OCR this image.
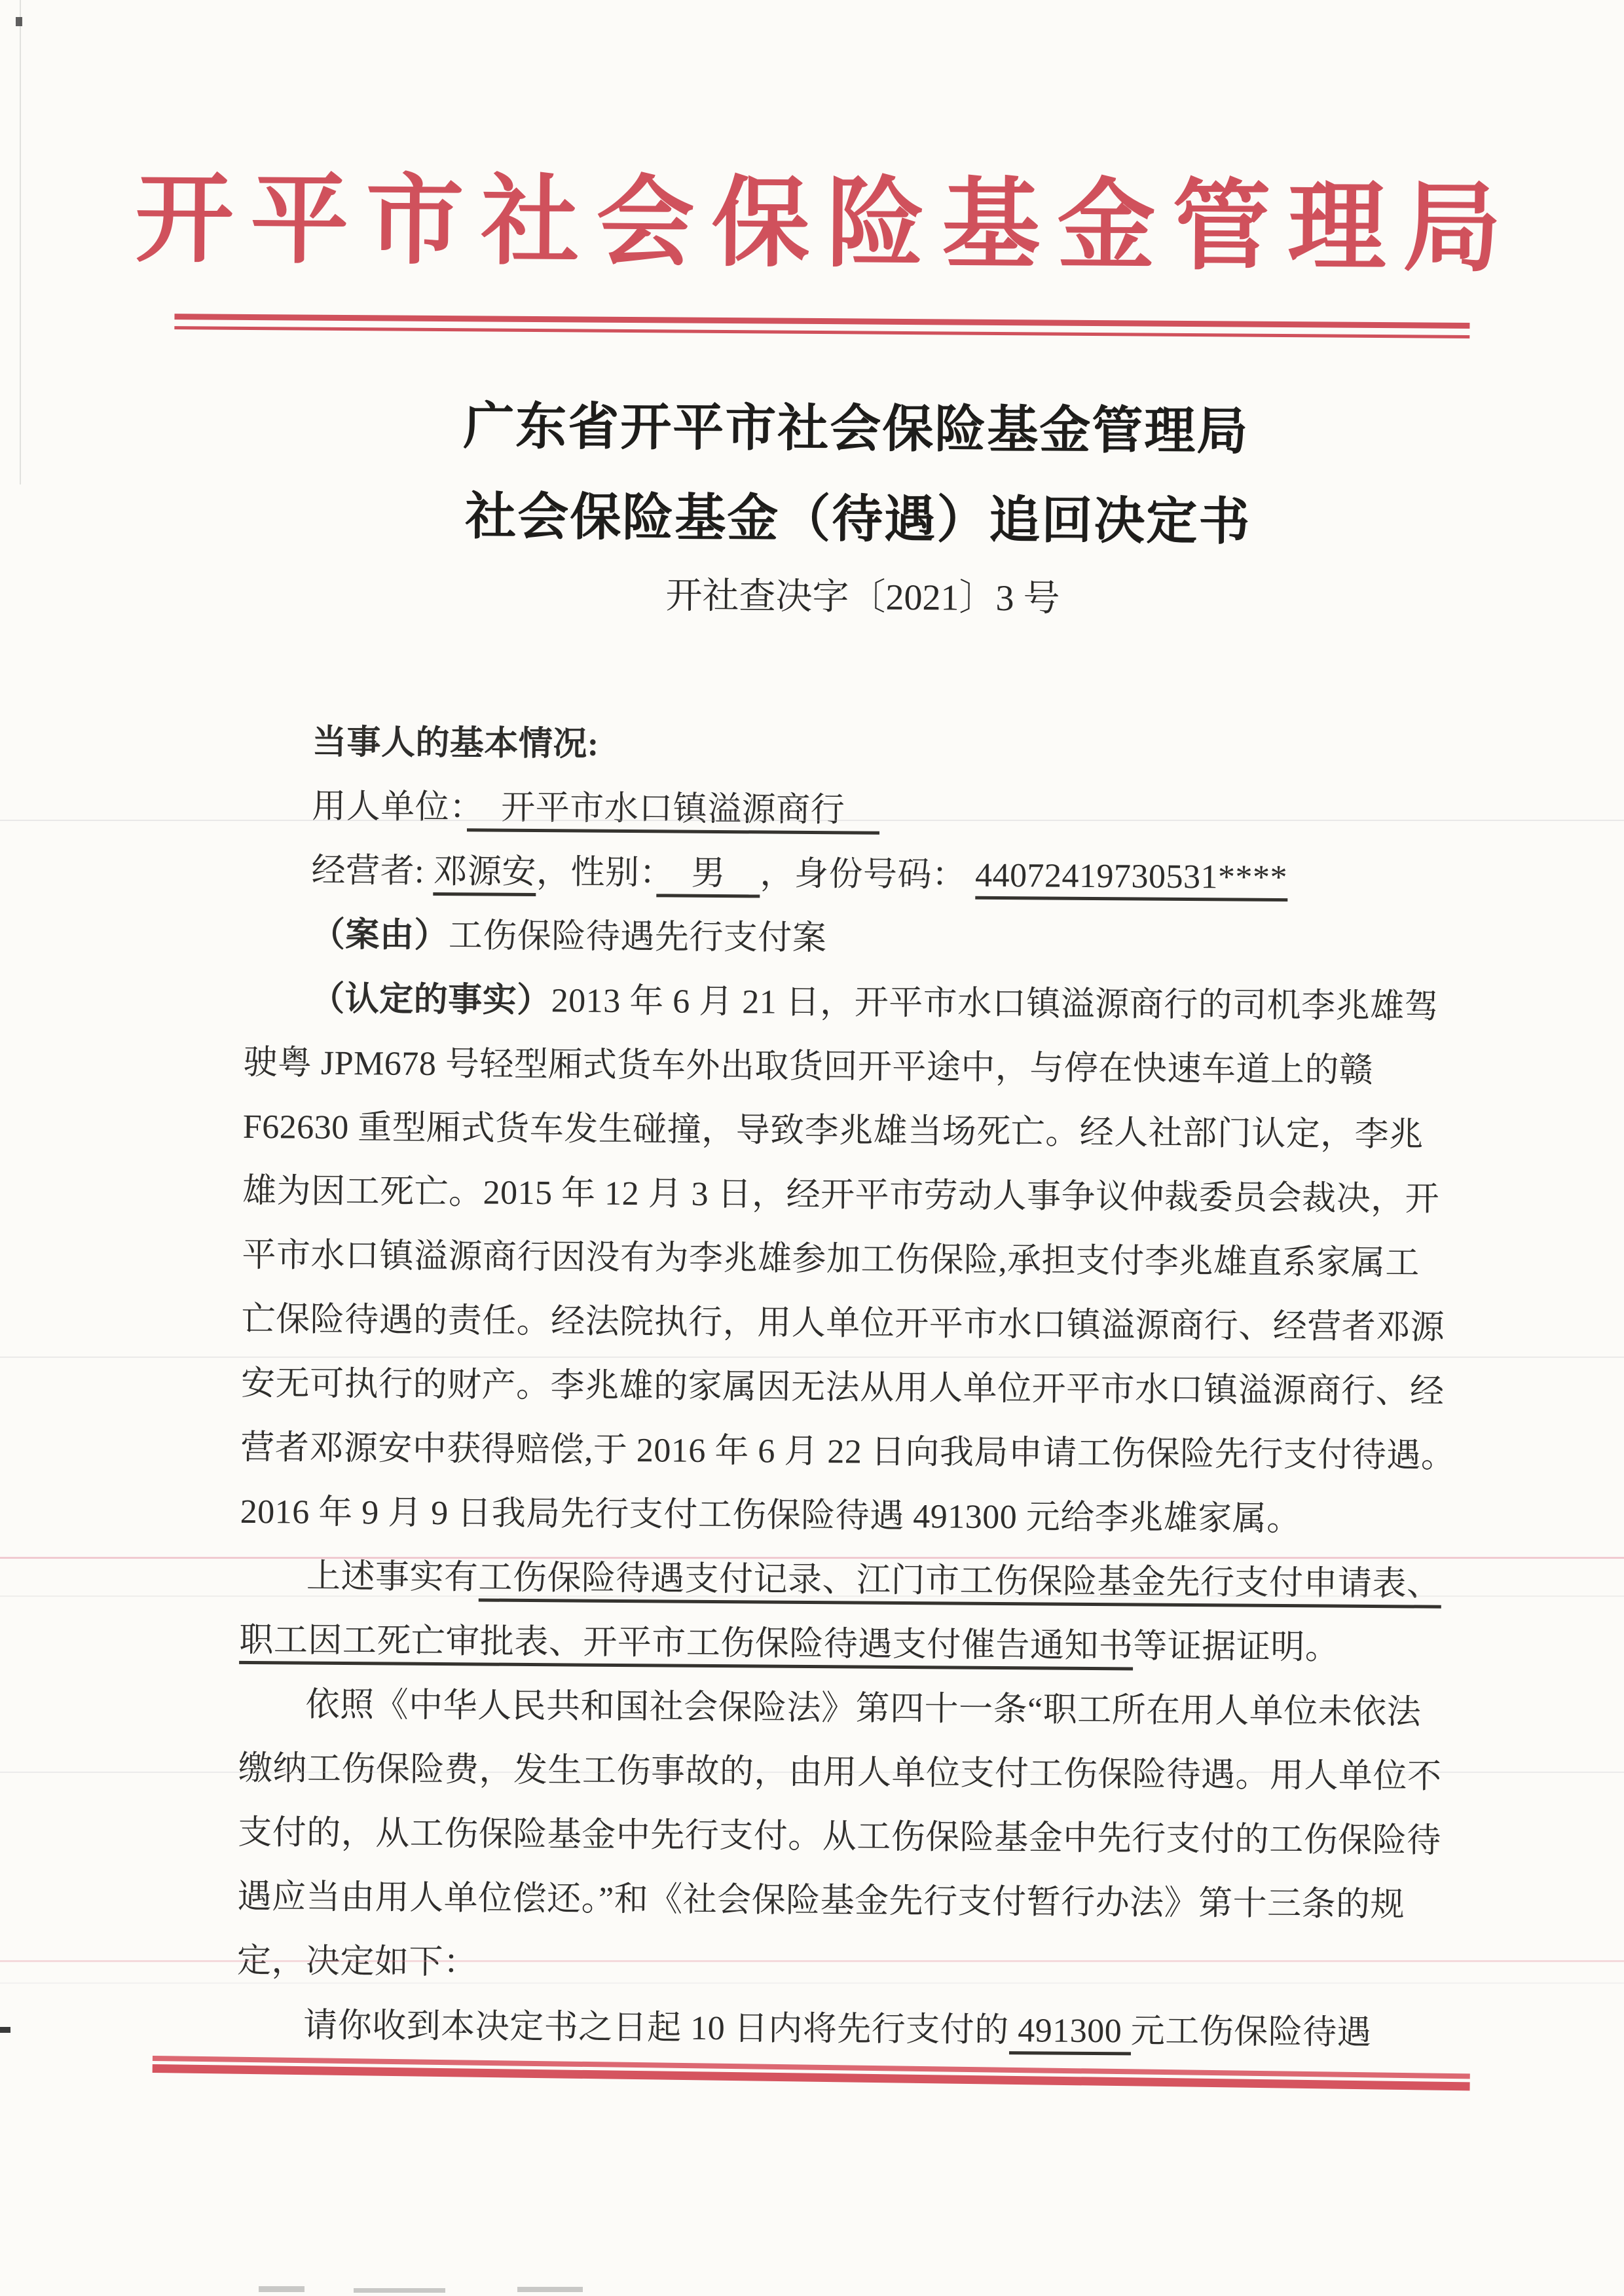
开平市社会保险基金管理局
广东省开平市社会保险基金管理局
社会保险基金（待遇）追回决定书
开社查决字〔2021〕3 号
当事人的基本情况:
用人单位：　开平市水口镇溢源商行　
经营者: 邓源安，性别：　男　，身份号码： 44072419730531****
（案由）工伤保险待遇先行支付案
（认定的事实）2013 年 6 月 21 日，开平市水口镇溢源商行的司机李兆雄驾
驶粤 JPM678 号轻型厢式货车外出取货回开平途中，与停在快速车道上的赣
F62630 重型厢式货车发生碰撞，导致李兆雄当场死亡。经人社部门认定，李兆
雄为因工死亡。2015 年 12 月 3 日，经开平市劳动人事争议仲裁委员会裁决，开
平市水口镇溢源商行因没有为李兆雄参加工伤保险,承担支付李兆雄直系家属工
亡保险待遇的责任。经法院执行，用人单位开平市水口镇溢源商行、经营者邓源
安无可执行的财产。李兆雄的家属因无法从用人单位开平市水口镇溢源商行、经
营者邓源安中获得赔偿,于 2016 年 6 月 22 日向我局申请工伤保险先行支付待遇。
2016 年 9 月 9 日我局先行支付工伤保险待遇 491300 元给李兆雄家属。
上述事实有工伤保险待遇支付记录、江门市工伤保险基金先行支付申请表、
职工因工死亡审批表、开平市工伤保险待遇支付催告通知书等证据证明。
依照《中华人民共和国社会保险法》第四十一条“职工所在用人单位未依法
缴纳工伤保险费，发生工伤事故的，由用人单位支付工伤保险待遇。用人单位不
支付的，从工伤保险基金中先行支付。从工伤保险基金中先行支付的工伤保险待
遇应当由用人单位偿还。”和《社会保险基金先行支付暂行办法》第十三条的规
定，决定如下：
请你收到本决定书之日起 10 日内将先行支付的 491300 元工伤保险待遇
